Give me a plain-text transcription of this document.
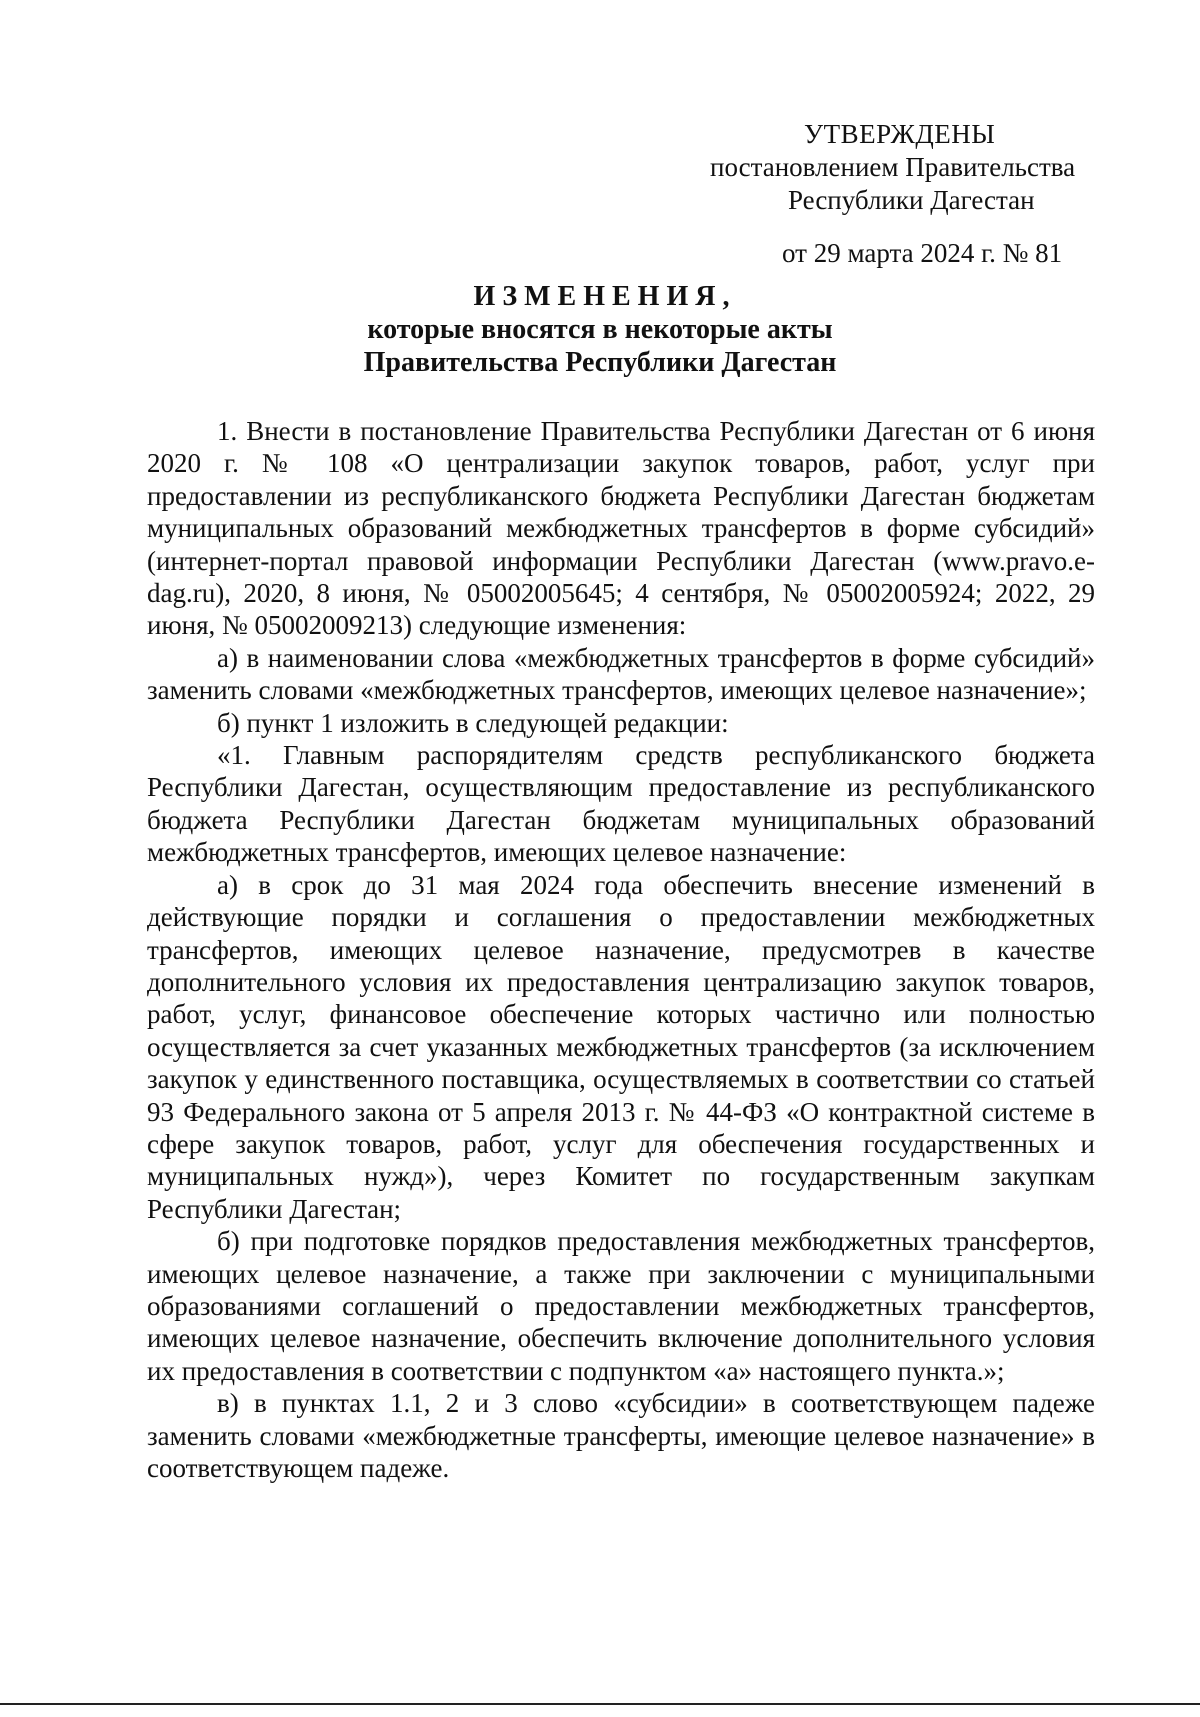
УТВЕРЖДЕНЫ
постановлением Правительства
Республики Дагестан
от 29 марта 2024 г. № 81
ИЗМЕНЕНИЯ,
которые вносятся в некоторые акты
Правительства Республики Дагестан

1. Внести в постановление Правительства Республики Дагестан от 6 июня 2020 г. № 108 «О централизации закупок товаров, работ, услуг при предоставлении из республиканского бюджета Республики Дагестан бюджетам муниципальных образований межбюджетных трансфертов в форме субсидий» (интернет-портал правовой информации Республики Дагестан (www.pravo.e-dag.ru), 2020, 8 июня, № 05002005645; 4 сентября, № 05002005924; 2022, 29 июня, № 05002009213) следующие изменения:

а) в наименовании слова «межбюджетных трансфертов в форме субсидий» заменить словами «межбюджетных трансфертов, имеющих целевое назначение»;

б) пункт 1 изложить в следующей редакции:

«1. Главным распорядителям средств республиканского бюджета Республики Дагестан, осуществляющим предоставление из республиканского бюджета Республики Дагестан бюджетам муниципальных образований межбюджетных трансфертов, имеющих целевое назначение:

а) в срок до 31 мая 2024 года обеспечить внесение изменений в действующие порядки и соглашения о предоставлении межбюджетных трансфертов, имеющих целевое назначение, предусмотрев в качестве дополнительного условия их предоставления централизацию закупок товаров, работ, услуг, финансовое обеспечение которых частично или полностью осуществляется за счет указанных межбюджетных трансфертов (за исключением закупок у единственного поставщика, осуществляемых в соответствии со статьей 93 Федерального закона от 5 апреля 2013 г. № 44-ФЗ «О контрактной системе в сфере закупок товаров, работ, услуг для обеспечения государственных и муниципальных нужд»), через Комитет по государственным закупкам Республики Дагестан;

б) при подготовке порядков предоставления межбюджетных трансфертов, имеющих целевое назначение, а также при заключении с муниципальными образованиями соглашений о предоставлении межбюджетных трансфертов, имеющих целевое назначение, обеспечить включение дополнительного условия их предоставления в соответствии с подпунктом «а» настоящего пункта.»;

в) в пунктах 1.1, 2 и 3 слово «субсидии» в соответствующем падеже заменить словами «межбюджетные трансферты, имеющие целевое назначение» в соответствующем падеже.
